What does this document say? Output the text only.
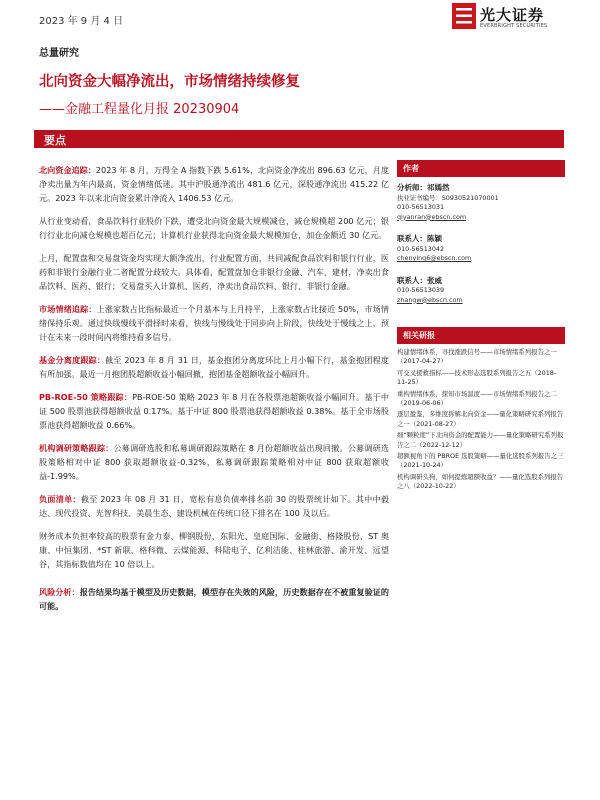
2023 年 9 月 4 日	光大证券
EVERBRIGHT SECURITIES
总量研究
北向资金大幅净流出，市场情绪持续修复
——金融工程量化月报 20230904
要点

北向资金追踪：2023 年 8 月，万得全 A 指数下跌 5.61%，北向资金净流出 896.63 亿元，月度净卖出量为年内最高，资金情绪低迷。其中沪股通净流出 481.6 亿元，深股通净流出 415.22 亿元。2023 年以来北向资金累计净流入 1406.53 亿元。

从行业变动看，食品饮料行业股价下跌，遭受北向资金最大规模减仓，减仓规模超 200 亿元；银行行业北向减仓规模也超百亿元；计算机行业获得北向资金最大规模加仓，加仓金额近 30 亿元。

上月，配置盘和交易盘资金均实现大额净流出，行业配置方面，共同减配食品饮料和银行行业，医药和非银行金融行业二者配置分歧较大。具体看，配置盘加仓非银行金融、汽车、建材，净卖出食品饮料、医药、银行；交易盘买入计算机、医药，净卖出食品饮料、银行、非银行金融。

市场情绪追踪：上涨家数占比指标最近一个月基本与上月持平，上涨家数占比接近 50%，市场情绪保持乐观。通过快线慢线平滑择时来看，快线与慢线处于同步向上阶段，快线处于慢线之上，预计在未来一段时间内将维持看多信号。

基金分离度跟踪：截至 2023 年 8 月 31 日，基金抱团分离度环比上月小幅下行，基金抱团程度有所加强。最近一月抱团股超额收益小幅回撤，抱团基金超额收益小幅回升。

PB-ROE-50 策略跟踪：PB-ROE-50 策略 2023 年 8 月在各股票池超额收益小幅回升。基于中证 500 股票池获得超额收益 0.17%。基于中证 800 股票池获得超额收益 0.38%。基于全市场股票池获得超额收益 0.66%。

机构调研策略跟踪：公募调研选股和私募调研跟踪策略在 8 月份超额收益出现回撤。公募调研选股策略相对中证 800 获取超额收益-0.32%，私募调研跟踪策略相对中证 800 获取超额收益-1.99%。

负面清单：截至 2023 年 08 月 31 日，宽松有息负债率排名前 30 的股票统计如下。其中中毅达、现代投资、光智科技、美晨生态、建设机械在传统口径下排名在 100 及以后。

财务成本负担率较高的股票有金力泰、柳钢股份、东阳光、皇庭国际、金融街、格隆股份、ST 奥康、中恒集团、*ST 新联、格科微、云煤能源、科陆电子、亿利洁能、桂林旅游、渝开发、远望谷，其指标数值均在 10 倍以上。

风险分析：报告结果均基于模型及历史数据，模型存在失效的风险，历史数据存在不被重复验证的可能。

作者
分析师：祁嫣然
执业证书编号：S0930521070001
010-56513031
qiyanran@ebscn.com
联系人：陈颖
010-56513042
chenying6@ebscn.com
联系人：张威
010-56513039
zhangw@ebscn.com
相关研报
构建情绪体系，寻找涨跌信号——市场情绪系列报告之一（2017-04-27）
可交叉援救指标——技术形态选股系列报告之五（2018-11-25）
重构情绪体系，探知市场温度——市场情绪系列报告之二（2019-06-06）
逐层盈鉴，多维度拆解北向资金——量化策略研究系列报告之一（2021-08-27）
细“颗粒度”下北向资金的配置能力——量化策略研究系列报告之二（2022-12-12）
超额视角下的 PBROE 选股策略——量化选股系列报告之三（2021-10-24）
机构调研头狗，如何提炼超额收益？——量化选股系列报告之八（2022-10-22）
